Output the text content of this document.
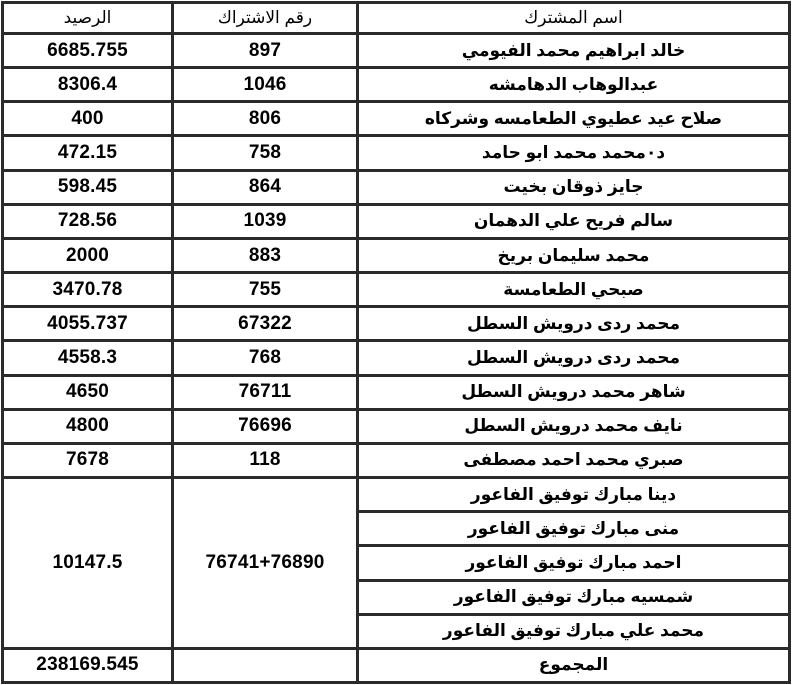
الرصيد	رقم الاشتراك	اسم المشترك
6685.755	897	خالد ابراهيم محمد الفيومي
8306.4	1046	عبدالوهاب الدهامشه
400	806	صلاح عيد عطيوي الطعامسه وشركاه
472.15	758	د٠محمد محمد ابو حامد
598.45	864	جايز ذوقان بخيت
728.56	1039	سالم فريح علي الدهمان
2000	883	محمد سليمان بريخ
3470.78	755	صبحي الطعامسة
4055.737	67322	محمد ردى درويش السطل
4558.3	768	محمد ردى درويش السطل
4650	76711	شاهر محمد درويش السطل
4800	76696	نايف محمد درويش السطل
7678	118	صبري محمد احمد مصطفى
10147.5	76741+76890	دينا مبارك توفيق الفاعور
		منى مبارك توفيق الفاعور
		احمد مبارك توفيق الفاعور
		شمسيه مبارك توفيق الفاعور
		محمد علي مبارك توفيق الفاعور
238169.545		المجموع
